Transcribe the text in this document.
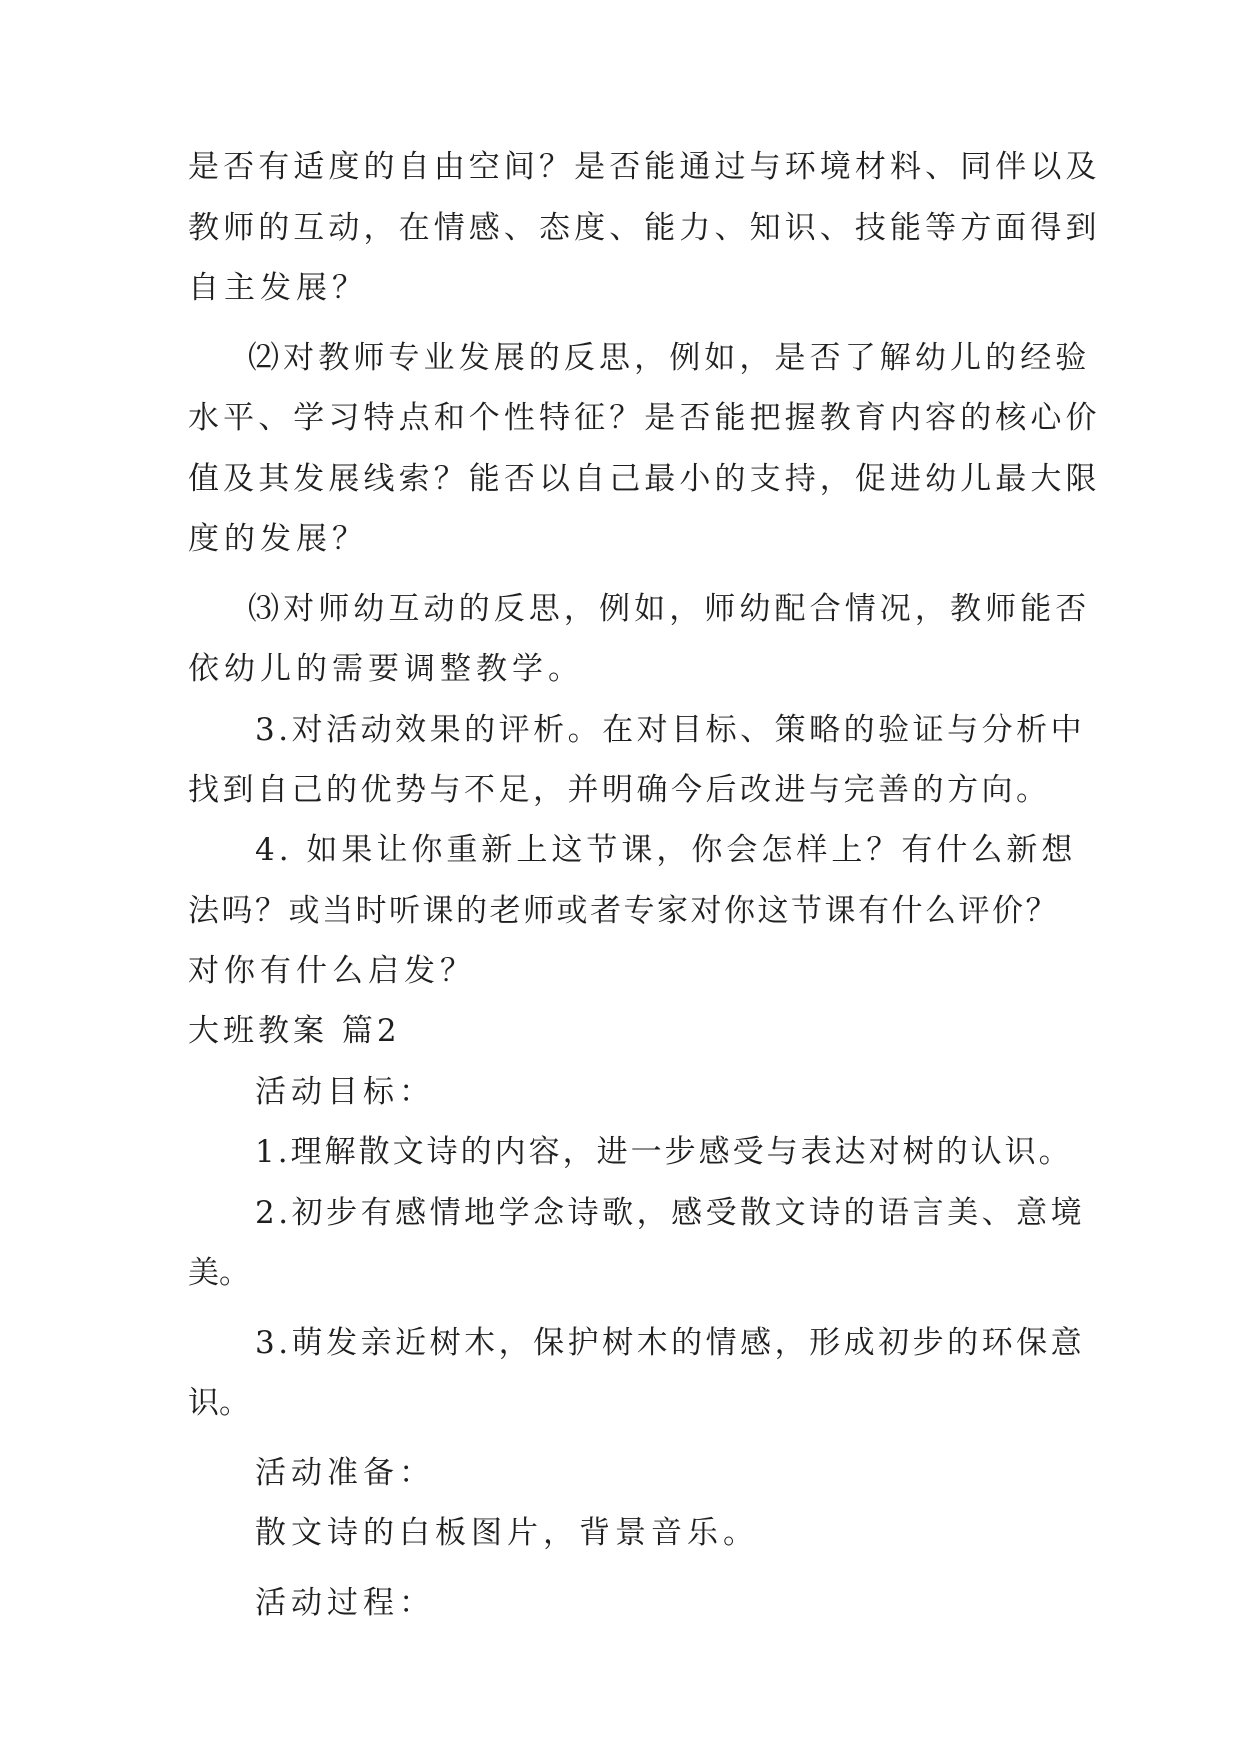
是否有适度的自由空间？是否能通过与环境材料、同伴以及
教师的互动，在情感、态度、能力、知识、技能等方面得到
自主发展？
⑵对教师专业发展的反思，例如，是否了解幼儿的经验
水平、学习特点和个性特征？是否能把握教育内容的核心价
值及其发展线索？能否以自己最小的支持，促进幼儿最大限
度的发展？
⑶对师幼互动的反思，例如，师幼配合情况，教师能否
依幼儿的需要调整教学。
3.对活动效果的评析。在对目标、策略的验证与分析中
找到自己的优势与不足，并明确今后改进与完善的方向。
4. 如果让你重新上这节课，你会怎样上？有什么新想
法吗？或当时听课的老师或者专家对你这节课有什么评价？
对你有什么启发？
大班教案 篇2
活动目标：
1.理解散文诗的内容，进一步感受与表达对树的认识。
2.初步有感情地学念诗歌，感受散文诗的语言美、意境
美。
3.萌发亲近树木，保护树木的情感，形成初步的环保意
识。
活动准备：
散文诗的白板图片，背景音乐。
活动过程：
